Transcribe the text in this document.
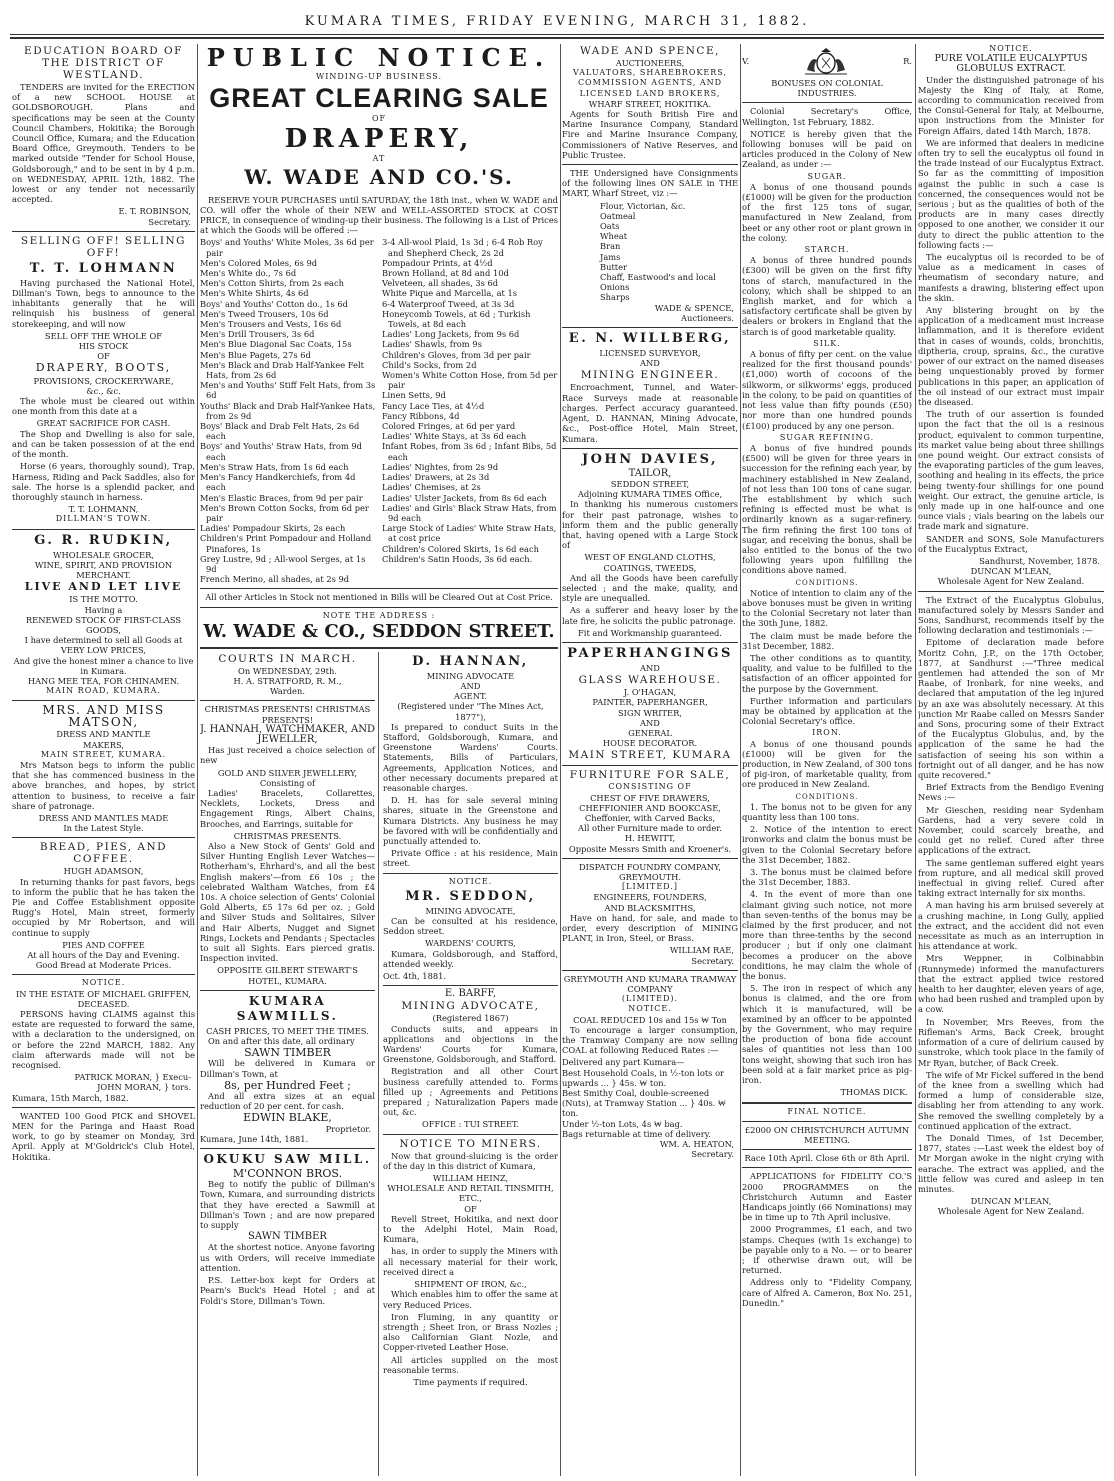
KUMARA TIMES, FRIDAY EVENING, MARCH 31, 1882.
EDUCATION BOARD OF THE DISTRICT OF WESTLAND.

TENDERS are invited for the ERECTION of a new SCHOOL HOUSE at GOLDSBOROUGH. Plans and specifications may be seen at the County Council Chambers, Hokitika; the Borough Council Office, Kumara; and the Education Board Office, Greymouth. Tenders to be marked outside "Tender for School House, Goldsborough," and to be sent in by 4 p.m. on WEDNESDAY, APRIL 12th, 1882. The lowest or any tender not necessarily accepted.

E. T. ROBINSON,
Secretary.
SELLING OFF! SELLING OFF!
T. T. LOHMANN

Having purchased the National Hotel, Dillman's Town, begs to announce to the inhabitants generally that he will relinquish his business of general storekeeping, and will now

SELL OFF THE WHOLE OF
HIS STOCK
OF
DRAPERY, BOOTS,
PROVISIONS, CROCKERYWARE,
&c., &c.

The whole must be cleared out within one month from this date at a

GREAT SACRIFICE FOR CASH.

The Shop and Dwelling is also for sale, and can be taken possession of at the end of the month.

Horse (6 years, thoroughly sound), Trap, Harness, Riding and Pack Saddles, also for sale. The horse is a splendid packer, and thoroughly staunch in harness.

T. T. LOHMANN,
DILLMAN'S TOWN.
G. R. RUDKIN,
WHOLESALE GROCER,
WINE, SPIRIT, AND PROVISION
MERCHANT.
LIVE AND LET LIVE
IS THE MOTTO.
Having a
RENEWED STOCK OF FIRST-CLASS GOODS,
I have determined to sell all Goods at
VERY LOW PRICES,
And give the honest miner a chance to live in Kumara.
HANG MEE TEA, FOR CHINAMEN.
MAIN ROAD, KUMARA.
MRS. AND MISS MATSON,
DRESS AND MANTLE
MAKERS,
MAIN STREET, KUMARA.

Mrs Matson begs to inform the public that she has commenced business in the above branches, and hopes, by strict attention to business, to receive a fair share of patronage.

DRESS AND MANTLES MADE
In the Latest Style.
BREAD, PIES, AND COFFEE.
HUGH ADAMSON,

In returning thanks for past favors, begs to inform the public that he has taken the Pie and Coffee Establishment opposite Rugg's Hotel, Main street, formerly occupied by Mr Robertson, and will continue to supply

PIES AND COFFEE
At all hours of the Day and Evening.
Good Bread at Moderate Prices.
NOTICE.
IN THE ESTATE OF MICHAEL GRIFFEN, DECEASED.

PERSONS having CLAIMS against this estate are requested to forward the same, with a declaration to the undersigned, on or before the 22nd MARCH, 1882. Any claim afterwards made will not be recognised.

PATRICK MORAN, } Execu-
JOHN MORAN, } tors.
Kumara, 15th March, 1882.

WANTED 100 Good PICK and SHOVEL MEN for the Paringa and Haast Road work, to go by steamer on Monday, 3rd April. Apply at M'Goldrick's Club Hotel, Hokitika.

PUBLIC NOTICE.
WINDING-UP BUSINESS.
GREAT CLEARING SALE
OF
DRAPERY,
AT
W. WADE AND CO.'S.

RESERVE YOUR PURCHASES until SATURDAY, the 18th inst., when W. WADE and CO. will offer the whole of their NEW and WELL-ASSORTED STOCK at COST PRICE, in consequence of winding-up their business. The following is a List of Prices at which the Goods will be offered :—

Boys' and Youths' White Moles, 3s 6d per pair

Men's Colored Moles, 6s 9d

Men's White do., 7s 6d

Men's Cotton Shirts, from 2s each

Men's White Shirts, 4s 6d

Boys' and Youths' Cotton do., 1s 6d

Men's Tweed Trousers, 10s 6d

Men's Trousers and Vests, 16s 6d

Men's Drill Trousers, 3s 6d

Men's Blue Diagonal Sac Coats, 15s

Men's Blue Pagets, 27s 6d

Men's Black and Drab Half-Yankee Felt Hats, from 2s 6d

Men's and Youths' Stiff Felt Hats, from 3s 6d

Youths' Black and Drab Half-Yankee Hats, from 2s 9d

Boys' Black and Drab Felt Hats, 2s 6d each

Boys' and Youths' Straw Hats, from 9d each

Men's Straw Hats, from 1s 6d each

Men's Fancy Handkerchiefs, from 4d each

Men's Elastic Braces, from 9d per pair

Men's Brown Cotton Socks, from 6d per pair

Ladies' Pompadour Skirts, 2s each

Children's Print Pompadour and Holland Pinafores, 1s

Grey Lustre, 9d ; All-wool Serges, at 1s 9d

French Merino, all shades, at 2s 9d

3-4 All-wool Plaid, 1s 3d ; 6-4 Rob Roy and Shepherd Check, 2s 2d

Pompadour Prints, at 4½d

Brown Holland, at 8d and 10d

Velveteen, all shades, 3s 6d

White Pique and Marcella, at 1s

6-4 Waterproof Tweed, at 3s 3d

Honeycomb Towels, at 6d ; Turkish Towels, at 8d each

Ladies' Long Jackets, from 9s 6d

Ladies' Shawls, from 9s

Children's Gloves, from 3d per pair

Child's Socks, from 2d

Women's White Cotton Hose, from 5d per pair

Linen Setts, 9d

Fancy Lace Ties, at 4½d

Fancy Ribbons, 4d

Colored Fringes, at 6d per yard

Ladies' White Stays, at 3s 6d each

Infant Robes, from 3s 6d ; Infant Bibs, 5d each

Ladies' Nightes, from 2s 9d

Ladies' Drawers, at 2s 3d

Ladies' Chemises, at 2s

Ladies' Ulster Jackets, from 8s 6d each

Ladies' and Girls' Black Straw Hats, from 9d each

Large Stock of Ladies' White Straw Hats, at cost price

Children's Colored Skirts, 1s 6d each

Children's Satin Hoods, 3s 6d each.

All other Articles in Stock not mentioned in Bills will be Cleared Out at Cost Price.
NOTE THE ADDRESS :
W. WADE & CO., SEDDON STREET.
COURTS IN MARCH.
On WEDNESDAY, 29th.
H. A. STRATFORD, R. M.,
Warden.
CHRISTMAS PRESENTS! CHRISTMAS PRESENTS!
J. HANNAH, WATCHMAKER, AND JEWELLER,

Has just received a choice selection of new

GOLD AND SILVER JEWELLERY,
Consisting of

Ladies' Bracelets, Collarettes, Necklets, Lockets, Dress and Engagement Rings, Albert Chains, Brooches, and Earrings, suitable for

CHRISTMAS PRESENTS.

Also a New Stock of Gents' Gold and Silver Hunting English Lever Watches—Rotherham's, Ehrhard's, and all the best English makers'—from £6 10s ; the celebrated Waltham Watches, from £4 10s. A choice selection of Gents' Colonial Gold Alberts, £5 17s 6d per oz. ; Gold and Silver Studs and Solitaires, Silver and Hair Alberts, Nugget and Signet Rings, Lockets and Pendants ; Spectacles to suit all Sights. Ears pierced gratis. Inspection invited.

OPPOSITE GILBERT STEWART'S HOTEL, KUMARA.
KUMARA SAWMILLS.
CASH PRICES, TO MEET THE TIMES.

On and after this date, all ordinary

SAWN TIMBER

Will be delivered in Kumara or Dillman's Town, at

8s, per Hundred Feet ;

And all extra sizes at an equal reduction of 20 per cent. for cash.

EDWIN BLAKE,
Proprietor.
Kumara, June 14th, 1881.
OKUKU SAW MILL.
M'CONNON BROS.

Beg to notify the public of Dillman's Town, Kumara, and surrounding districts that they have erected a Sawmill at Dillman's Town ; and are now prepared to supply

SAWN TIMBER

At the shortest notice. Anyone favoring us with Orders, will receive immediate attention.

P.S. Letter-box kept for Orders at Pearn's Buck's Head Hotel ; and at Foldi's Store, Dillman's Town.

D. HANNAN,
MINING ADVOCATE
AND
AGENT.
(Registered under "The Mines Act, 1877"),

Is prepared to conduct Suits in the Stafford, Goldsborough, Kumara, and Greenstone Wardens' Courts. Statements, Bills of Particulars, Agreements, Application Notices, and other necessary documents prepared at reasonable charges.

D. H. has for sale several mining shares, situate in the Greenstone and Kumara Districts. Any business he may be favored with will be confidentially and punctually attended to.

Private Office : at his residence, Main street.

NOTICE.
MR. SEDDON,
MINING ADVOCATE,

Can be consulted at his residence, Seddon street.

WARDENS' COURTS,

Kumara, Goldsborough, and Stafford, attended weekly.

Oct. 4th, 1881.
E. BARFF,
MINING ADVOCATE,
(Registered 1867)

Conducts suits, and appears in applications and objections in the Wardens' Courts for Kumara, Greenstone, Goldsborough, and Stafford.

Registration and all other Court business carefully attended to. Forms filled up ; Agreements and Petitions prepared ; Naturalization Papers made out, &c.

OFFICE : TUI STREET.
NOTICE TO MINERS.

Now that ground-sluicing is the order of the day in this district of Kumara,

WILLIAM HEINZ,
WHOLESALE AND RETAIL TINSMITH, ETC.,
OF

Revell Street, Hokitika, and next door to the Adelphi Hotel, Main Road, Kumara,

has, in order to supply the Miners with all necessary material for their work, received direct a

SHIPMENT OF IRON, &c.,

Which enables him to offer the same at very Reduced Prices.

Iron Fluming, in any quantity or strength ; Sheet Iron, or Brass Nozles ; also Californian Giant Nozle, and Copper-riveted Leather Hose.

All articles supplied on the most reasonable terms.

Time payments if required.
WADE AND SPENCE,
AUCTIONEERS,
VALUATORS, SHAREBROKERS, COMMISSION AGENTS, AND
LICENSED LAND BROKERS,
WHARF STREET, HOKITIKA.

Agents for South British Fire and Marine Insurance Company, Standard Fire and Marine Insurance Company, Commissioners of Native Reserves, and Public Trustee.

THE Undersigned have Consignments of the following lines ON SALE in THE MART, Wharf Street, viz :—

Flour, Victorian, &c.

Oatmeal

Oats

Wheat

Bran

Jams

Butter

Chaff, Eastwood's and local

Onions

Sharps

WADE & SPENCE,
Auctioneers.
E. N. WILLBERG,
LICENSED SURVEYOR,
AND
MINING ENGINEER.

Encroachment, Tunnel, and Water-Race Surveys made at reasonable charges. Perfect accuracy guaranteed. Agent, D. HANNAN, Mining Advocate, &c., Post-office Hotel, Main Street, Kumara.

JOHN DAVIES,
TAILOR,
SEDDON STREET,
Adjoining KUMARA TIMES Office,

In thanking his numerous customers for their past patronage, wishes to inform them and the public generally that, having opened with a Large Stock of

WEST OF ENGLAND CLOTHS,
COATINGS, TWEEDS,

And all the Goods have been carefully selected ; and the make, quality, and style are unequalled.

As a sufferer and heavy loser by the late fire, he solicits the public patronage.

Fit and Workmanship guaranteed.
PAPERHANGINGS
AND
GLASS WAREHOUSE.
J. O'HAGAN,
PAINTER, PAPERHANGER,
SIGN WRITER,
AND
GENERAL
HOUSE DECORATOR.
MAIN STREET, KUMARA
FURNITURE FOR SALE,
CONSISTING OF
CHEST OF FIVE DRAWERS,
CHEFFIONIER AND BOOKCASE,
Cheffonier, with Carved Backs,
All other Furniture made to order.
H. HEWITT,
Opposite Messrs Smith and Kroener's.
DISPATCH FOUNDRY COMPANY, GREYMOUTH.
[LIMITED.]
ENGINEERS, FOUNDERS,
AND BLACKSMITHS,

Have on hand, for sale, and made to order, every description of MINING PLANT, in Iron, Steel, or Brass.

WILLIAM RAE,
Secretary.
GREYMOUTH AND KUMARA TRAMWAY COMPANY
(LIMITED).
NOTICE.
COAL REDUCED 10s and 15s ₩ Ton

To encourage a larger consumption, the Tramway Company are now selling COAL at following Reduced Rates :—

Delivered any part Kumara—
Best Household Coals, in ½-ton lots or upwards ... } 45s. ₩ ton.
Best Smithy Coal, double-screened (Nuts), at Tramway Station ... } 40s. ₩ ton.
Under ½-ton Lots, 4s ₩ bag.
Bags returnable at time of delivery.
WM. A. HEATON,
Secretary.
V.	R.
BONUSES ON COLONIAL INDUSTRIES.

Colonial Secretary's Office, Wellington, 1st February, 1882.

NOTICE is hereby given that the following bonuses will be paid on articles produced in the Colony of New Zealand, as under :—

SUGAR.

A bonus of one thousand pounds (£1000) will be given for the production of the first 125 tons of sugar, manufactured in New Zealand, from beet or any other root or plant grown in the colony.

STARCH.

A bonus of three hundred pounds (£300) will be given on the first fifty tons of starch, manufactured in the colony, which shall be shipped to an English market, and for which a satisfactory certificate shall be given by dealers or brokers in England that the starch is of good marketable quality.

SILK.

A bonus of fifty per cent. on the value realized for the first thousand pounds' (£1,000) worth of cocoons of the silkworm, or silkworms' eggs, produced in the colony, to be paid on quantities of not less value than fifty pounds (£50) nor more than one hundred pounds (£100) produced by any one person.

SUGAR REFINING.

A bonus of five hundred pounds (£500) will be given for three years in succession for the refining each year, by machinery established in New Zealand, of not less than 100 tons of cane sugar. The establishment by which such refining is effected must be what is ordinarily known as a sugar-refinery. The firm refining the first 100 tons of sugar, and receiving the bonus, shall be also entitled to the bonus of the two following years upon fulfilling the conditions above named.

CONDITIONS.

Notice of intention to claim any of the above bonuses must be given in writing to the Colonial Secretary not later than the 30th June, 1882.

The claim must be made before the 31st December, 1882.

The other conditions as to quantity, quality, and value to be fulfilled to the satisfaction of an officer appointed for the purpose by the Government.

Further information and particulars may be obtained by application at the Colonial Secretary's office.

IRON.

A bonus of one thousand pounds (£1000) will be given for the production, in New Zealand, of 300 tons of pig-iron, of marketable quality, from ore produced in New Zealand.

CONDITIONS.

1. The bonus not to be given for any quantity less than 100 tons.

2. Notice of the intention to erect ironworks and claim the bonus must be given to the Colonial Secretary before the 31st December, 1882.

3. The bonus must be claimed before the 31st December, 1883.

4. In the event of more than one claimant giving such notice, not more than seven-tenths of the bonus may be claimed by the first producer, and not more than three-tenths by the second producer ; but if only one claimant becomes a producer on the above conditions, he may claim the whole of the bonus.

5. The iron in respect of which any bonus is claimed, and the ore from which it is manufactured, will be examined by an officer to be appointed by the Government, who may require the production of bona fide account sales of quantities not less than 100 tons weight, showing that such iron has been sold at a fair market price as pig-iron.

THOMAS DICK.
FINAL NOTICE.
£2000 ON CHRISTCHURCH AUTUMN MEETING.
Race 10th April. Close 6th or 8th April.

APPLICATIONS for FIDELITY CO.'S 2000 PROGRAMMES on the Christchurch Autumn and Easter Handicaps jointly (66 Nominations) may be in time up to 7th April inclusive.

2000 Programmes, £1 each, and two stamps. Cheques (with 1s exchange) to be payable only to a No. — or to bearer ; if otherwise drawn out, will be returned.

Address only to "Fidelity Company, care of Alfred A. Cameron, Box No. 251, Dunedin."

NOTICE.
PURE VOLATILE EUCALYPTUS GLOBULUS EXTRACT.

Under the distinguished patronage of his Majesty the King of Italy, at Rome, according to communication received from the Consul-General for Italy, at Melbourne, upon instructions from the Minister for Foreign Affairs, dated 14th March, 1878.

We are informed that dealers in medicine often try to sell the eucalyptus oil found in the trade instead of our Eucalyptus Extract. So far as the committing of imposition against the public in such a case is concerned, the consequences would not be serious ; but as the qualities of both of the products are in many cases directly opposed to one another, we consider it our duty to direct the public attention to the following facts :—

The eucalyptus oil is recorded to be of value as a medicament in cases of rheumatism of secondary nature, and manifests a drawing, blistering effect upon the skin.

Any blistering brought on by the application of a medicament must increase inflammation, and it is therefore evident that in cases of wounds, colds, bronchitis, diptheria, croup, sprains, &c., the curative power of our extract on the named diseases being unquestionably proved by former publications in this paper, an application of the oil instead of our extract must impair the diseased.

The truth of our assertion is founded upon the fact that the oil is a resinous product, equivalent to common turpentine, its market value being about three shillings one pound weight. Our extract consists of the evaporating particles of the gum leaves, soothing and healing in its effects, the price being twenty-four shillings for one pound weight. Our extract, the genuine article, is only made up in one half-ounce and one ounce vials ; vials bearing on the labels our trade mark and signature.

SANDER and SONS, Sole Manufacturers of the Eucalyptus Extract,

Sandhurst, November, 1878.
DUNCAN M'LEAN,
Wholesale Agent for New Zealand.

The Extract of the Eucalyptus Globulus, manufactured solely by Messrs Sander and Sons, Sandhurst, recommends itself by the following declaration and testimonials :—

Epitome of declaration made before Moritz Cohn, J.P., on the 17th October, 1877, at Sandhurst :—"Three medical gentlemen had attended the son of Mr Raabe, of Ironbark, for nine weeks, and declared that amputation of the leg injured by an axe was absolutely necessary. At this junction Mr Raabe called on Messrs Sander and Sons, procuring some of their Extract of the Eucalyptus Globulus, and, by the application of the same he had the satisfaction of seeing his son within a fortnight out of all danger, and he has now quite recovered."

Brief Extracts from the Bendigo Evening News :—

Mr Gieschen, residing near Sydenham Gardens, had a very severe cold in November, could scarcely breathe, and could get no relief. Cured after three applications of the extract.

The same gentleman suffered eight years from rupture, and all medical skill proved ineffectual in giving relief. Cured after taking extract internally for six months.

A man having his arm bruised severely at a crushing machine, in Long Gully, applied the extract, and the accident did not even necessitate as much as an interruption in his attendance at work.

Mrs Weppner, in Colbinabbin (Runnymede) informed the manufacturers that the extract applied twice restored health to her daughter, eleven years of age, who had been rushed and trampled upon by a cow.

In November, Mrs Reeves, from the Rifleman's Arms, Back Creek, brought information of a cure of delirium caused by sunstroke, which took place in the family of Mr Ryan, butcher, of Back Creek.

The wife of Mr Fickel suffered in the bend of the knee from a swelling which had formed a lump of considerable size, disabling her from attending to any work. She removed the swelling completely by a continued application of the extract.

The Donald Times, of 1st December, 1877, states :—Last week the eldest boy of Mr Morgan awoke in the night crying with earache. The extract was applied, and the little fellow was cured and asleep in ten minutes.

DUNCAN M'LEAN,
Wholesale Agent for New Zealand.
